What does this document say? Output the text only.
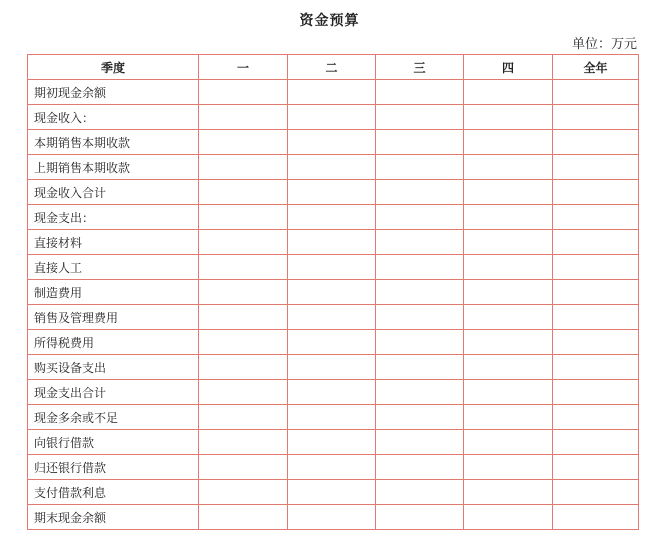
资金预算
单位：万元
季度	一	二	三	四	全年
期初现金余额					
现金收入：					
本期销售本期收款					
上期销售本期收款					
现金收入合计					
现金支出：					
直接材料					
直接人工					
制造费用					
销售及管理费用					
所得税费用					
购买设备支出					
现金支出合计					
现金多余或不足					
向银行借款					
归还银行借款					
支付借款利息					
期末现金余额					
